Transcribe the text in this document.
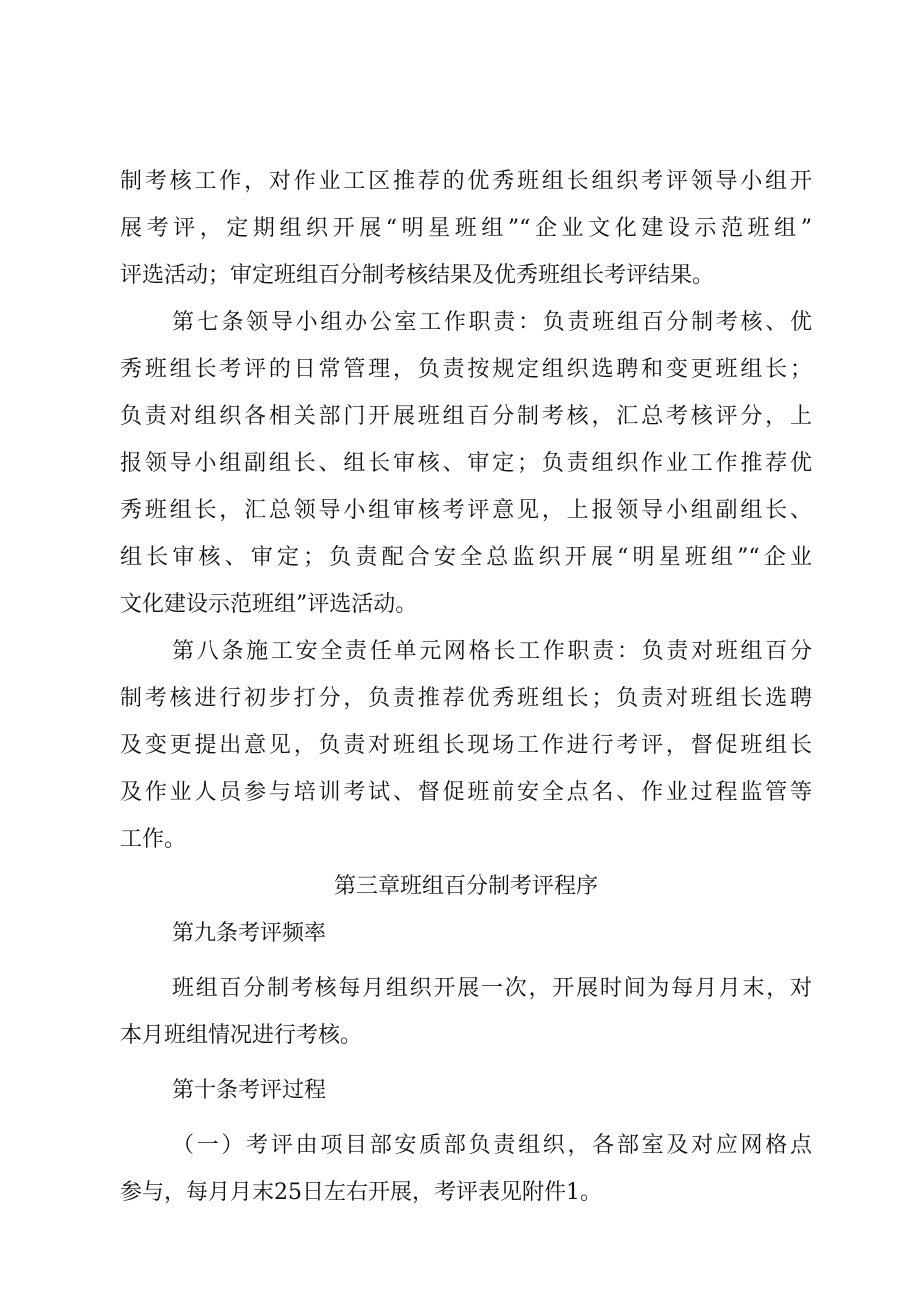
制考核工作，对作业工区推荐的优秀班组长组织考评领导小组开
展考评，定期组织开展“明星班组”“企业文化建设示范班组”
评选活动；审定班组百分制考核结果及优秀班组长考评结果。
第七条领导小组办公室工作职责：负责班组百分制考核、优
秀班组长考评的日常管理，负责按规定组织选聘和变更班组长；
负责对组织各相关部门开展班组百分制考核，汇总考核评分，上
报领导小组副组长、组长审核、审定；负责组织作业工作推荐优
秀班组长，汇总领导小组审核考评意见，上报领导小组副组长、
组长审核、审定；负责配合安全总监织开展“明星班组”“企业
文化建设示范班组”评选活动。
第八条施工安全责任单元网格长工作职责：负责对班组百分
制考核进行初步打分，负责推荐优秀班组长；负责对班组长选聘
及变更提出意见，负责对班组长现场工作进行考评，督促班组长
及作业人员参与培训考试、督促班前安全点名、作业过程监管等
工作。
第三章班组百分制考评程序
第九条考评频率
班组百分制考核每月组织开展一次，开展时间为每月月末，对
本月班组情况进行考核。
第十条考评过程
（一）考评由项目部安质部负责组织，各部室及对应网格点
参与，每月月末25日左右开展，考评表见附件1。
